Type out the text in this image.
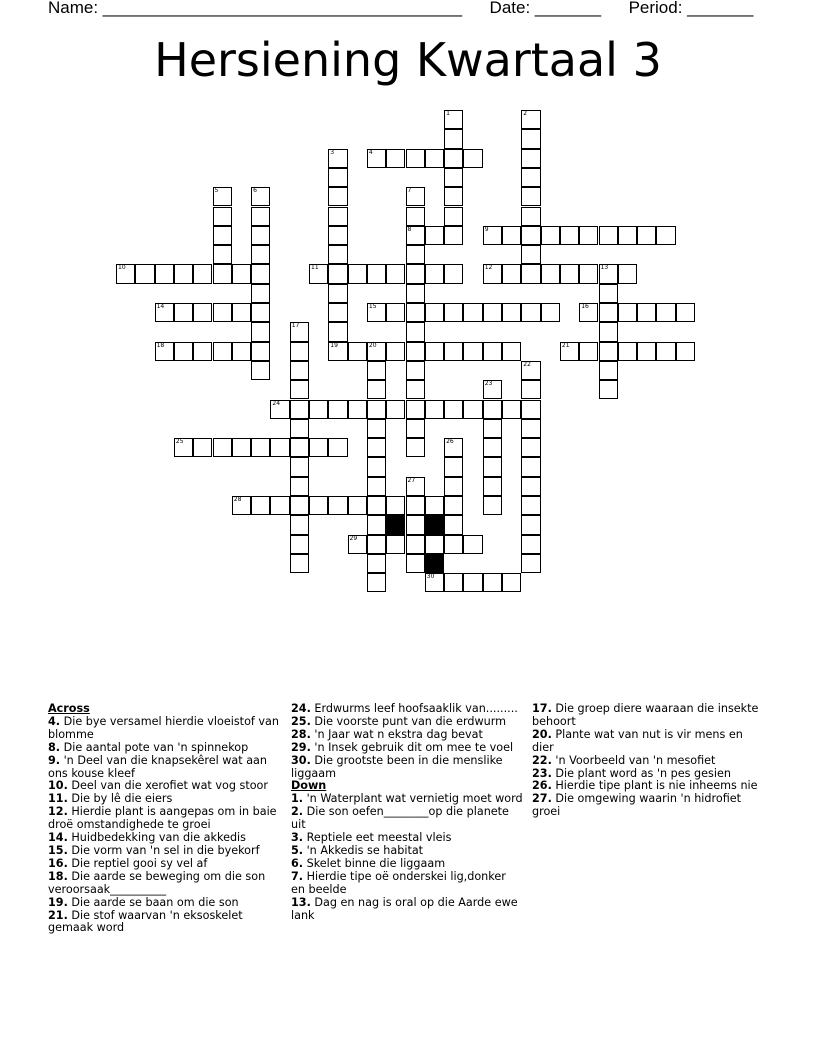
Name: ______________________________________ Date: _______ Period: _______
Hersiening Kwartaal 3
1	2
3	4
5	6	7
8	9
10	11	12	13
14	15	16
17
18	19	20	21
22
23
24
25	26
27
28
29
30
Across
4. Die bye versamel hierdie vloeistof van blomme
8. Die aantal pote van 'n spinnekop
9. 'n Deel van die knapsekêrel wat aan ons kouse kleef
10. Deel van die xerofiet wat vog stoor
11. Die by lê die eiers
12. Hierdie plant is aangepas om in baie droë omstandighede te groei
14. Huidbedekking van die akkedis
15. Die vorm van 'n sel in die byekorf
16. Die reptiel gooi sy vel af
18. Die aarde se beweging om die son veroorsaak__________
19. Die aarde se baan om die son
21. Die stof waarvan 'n eksoskelet gemaak word
24. Erdwurms leef hoofsaaklik van.........
25. Die voorste punt van die erdwurm
28. 'n Jaar wat n ekstra dag bevat
29. 'n Insek gebruik dit om mee te voel
30. Die grootste been in die menslike liggaam
Down
1. 'n Waterplant wat vernietig moet word
2. Die son oefen________op die planete uit
3. Reptiele eet meestal vleis
5. 'n Akkedis se habitat
6. Skelet binne die liggaam
7. Hierdie tipe oë onderskei lig,donker en beelde
13. Dag en nag is oral op die Aarde ewe lank
17. Die groep diere waaraan die insekte behoort
20. Plante wat van nut is vir mens en dier
22. 'n Voorbeeld van 'n mesofiet
23. Die plant word as 'n pes gesien
26. Hierdie tipe plant is nie inheems nie
27. Die omgewing waarin 'n hidrofiet groei
